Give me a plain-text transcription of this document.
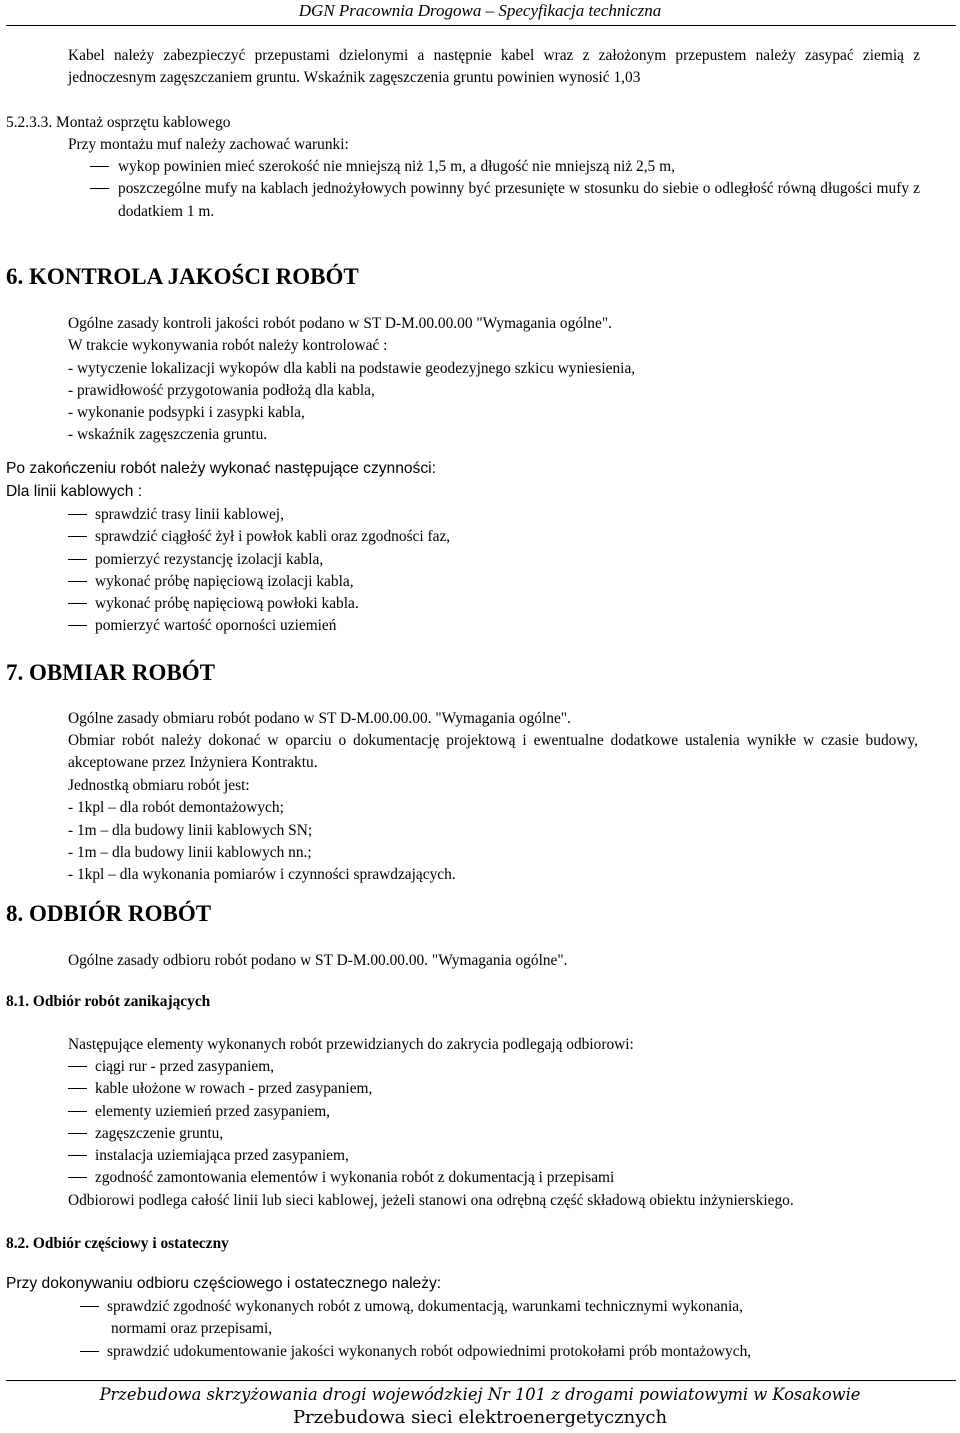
DGN Pracownia Drogowa – Specyfikacja techniczna

Kabel należy zabezpieczyć przepustami dzielonymi a następnie kabel wraz z założonym przepustem należy zasypać ziemią z jednoczesnym zagęszczaniem gruntu. Wskaźnik zagęszczenia gruntu powinien wynosić 1,03

5.2.3.3. Montaż osprzętu kablowego

Przy montażu muf należy zachować warunki:

wykop powinien mieć szerokość nie mniejszą niż 1,5 m, a długość nie mniejszą niż 2,5 m,
poszczególne mufy na kablach jednożyłowych powinny być przesunięte w stosunku do siebie o odległość równą długości mufy z dodatkiem 1 m.
6. KONTROLA JAKOŚCI ROBÓT

Ogólne zasady kontroli jakości robót podano w ST D-M.00.00.00 "Wymagania ogólne".

W trakcie wykonywania robót należy kontrolować :

- wytyczenie lokalizacji wykopów dla kabli na podstawie geodezyjnego szkicu wyniesienia,

- prawidłowość przygotowania podłożą dla kabla,

- wykonanie podsypki i zasypki kabla,

- wskaźnik zagęszczenia gruntu.

Po zakończeniu robót należy wykonać następujące czynności:

Dla linii kablowych :

sprawdzić trasy linii kablowej,
sprawdzić ciągłość żył i powłok kabli oraz zgodności faz,
pomierzyć rezystancję izolacji kabla,
wykonać próbę napięciową izolacji kabla,
wykonać próbę napięciową powłoki kabla.
pomierzyć wartość oporności uziemień
7. OBMIAR ROBÓT

Ogólne zasady obmiaru robót podano w ST D-M.00.00.00. "Wymagania ogólne".

Obmiar robót należy dokonać w oparciu o dokumentację projektową i ewentualne dodatkowe ustalenia wynikłe w czasie budowy, akceptowane przez Inżyniera Kontraktu.

Jednostką obmiaru robót jest:

- 1kpl – dla robót demontażowych;

- 1m – dla budowy linii kablowych SN;

- 1m – dla budowy linii kablowych nn.;

- 1kpl – dla wykonania pomiarów i czynności sprawdzających.

8. ODBIÓR ROBÓT

Ogólne zasady odbioru robót podano w ST D-M.00.00.00. "Wymagania ogólne".

8.1. Odbiór robót zanikających

Następujące elementy wykonanych robót przewidzianych do zakrycia podlegają odbiorowi:

ciągi rur - przed zasypaniem,
kable ułożone w rowach - przed zasypaniem,
elementy uziemień przed zasypaniem,
zagęszczenie gruntu,
instalacja uziemiająca przed zasypaniem,
zgodność zamontowania elementów i wykonania robót z dokumentacją i przepisami

Odbiorowi podlega całość linii lub sieci kablowej, jeżeli stanowi ona odrębną część składową obiektu inżynierskiego.

8.2. Odbiór częściowy i ostateczny

Przy dokonywaniu odbioru częściowego i ostatecznego należy:

sprawdzić zgodność wykonanych robót z umową, dokumentacją, warunkami technicznymi wykonania,
normami oraz przepisami,
sprawdzić udokumentowanie jakości wykonanych robót odpowiednimi protokołami prób montażowych,
Przebudowa skrzyżowania drogi wojewódzkiej Nr 101 z drogami powiatowymi w Kosakowie
Przebudowa sieci elektroenergetycznych
